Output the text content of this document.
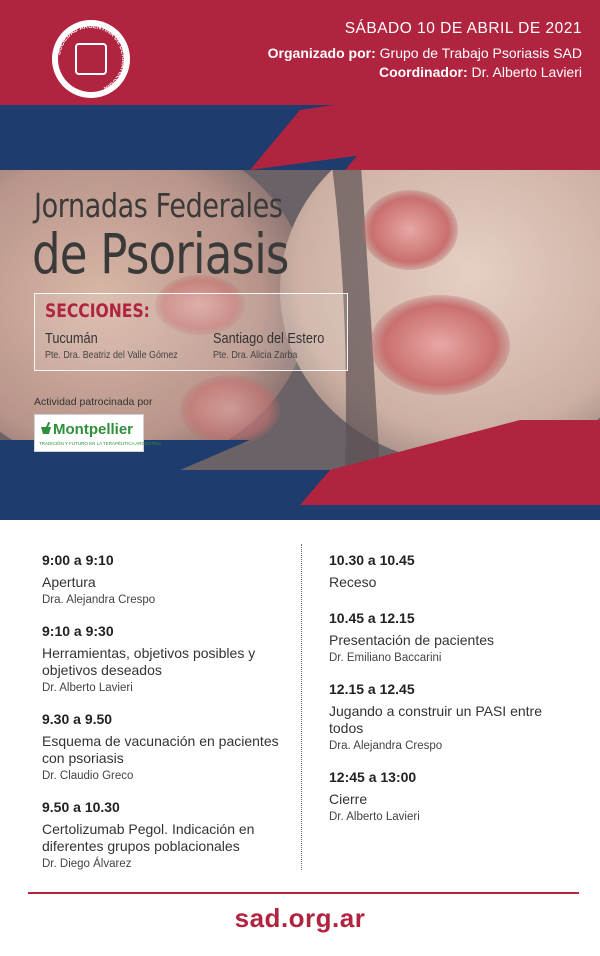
SOCIEDAD ARGENTINA DE DERMATOLOGÍA
SÁBADO 10 DE ABRIL DE 2021
Organizado por: Grupo de Trabajo Psoriasis SAD
Coordinador: Dr. Alberto Lavieri
Jornadas Federales
de Psoriasis
SECCIONES:
Tucumán
Pte. Dra. Beatriz del Valle Gómez
Santiago del Estero
Pte. Dra. Alicia Zarba
Actividad patrocinada por
Montpellier
TRADICIÓN Y FUTURO EN LA TERAPÉUTICA ARGENTINA
9:00 a 9:10
Apertura
Dra. Alejandra Crespo
9:10 a 9:30
Herramientas, objetivos posibles y objetivos deseados
Dr. Alberto Lavieri
9.30 a 9.50
Esquema de vacunación en pacientes con psoriasis
Dr. Claudio Greco
9.50 a 10.30
Certolizumab Pegol. Indicación en diferentes grupos poblacionales
Dr. Diego Álvarez
10.30 a 10.45
Receso
10.45 a 12.15
Presentación de pacientes
Dr. Emiliano Baccarini
12.15 a 12.45
Jugando a construir un PASI entre todos
Dra. Alejandra Crespo
12:45 a 13:00
Cierre
Dr. Alberto Lavieri
sad.org.ar
